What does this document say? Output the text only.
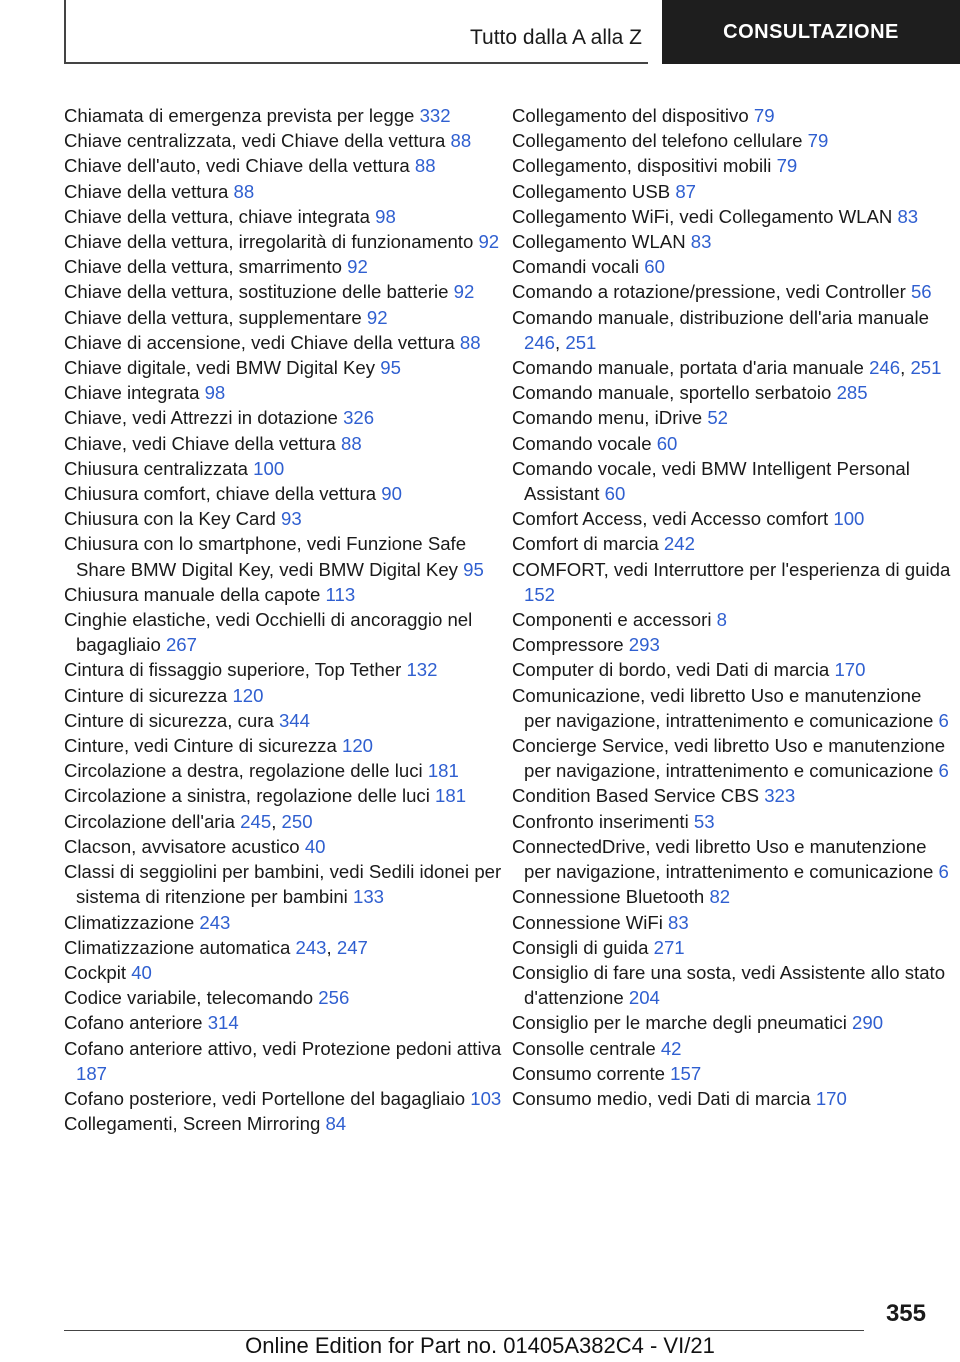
Tutto dalla A alla Z	CONSULTAZIONE

Chiamata di emergenza prevista per legge 332

Chiave centralizzata, vedi Chiave della vettura 88

Chiave dell'auto, vedi Chiave della vettura 88

Chiave della vettura 88

Chiave della vettura, chiave integrata 98

Chiave della vettura, irregolarità di funzionamento 92

Chiave della vettura, smarrimento 92

Chiave della vettura, sostituzione delle batterie 92

Chiave della vettura, supplementare 92

Chiave di accensione, vedi Chiave della vettura 88

Chiave digitale, vedi BMW Digital Key 95

Chiave integrata 98

Chiave, vedi Attrezzi in dotazione 326

Chiave, vedi Chiave della vettura 88

Chiusura centralizzata 100

Chiusura comfort, chiave della vettura 90

Chiusura con la Key Card 93

Chiusura con lo smartphone, vedi Funzione Safe Share BMW Digital Key, vedi BMW Digital Key 95

Chiusura manuale della capote 113

Cinghie elastiche, vedi Occhielli di ancoraggio nel bagagliaio 267

Cintura di fissaggio superiore, Top Tether 132

Cinture di sicurezza 120

Cinture di sicurezza, cura 344

Cinture, vedi Cinture di sicurezza 120

Circolazione a destra, regolazione delle luci 181

Circolazione a sinistra, regolazione delle luci 181

Circolazione dell'aria 245, 250

Clacson, avvisatore acustico 40

Classi di seggiolini per bambini, vedi Sedili idonei per sistema di ritenzione per bambini 133

Climatizzazione 243

Climatizzazione automatica 243, 247

Cockpit 40

Codice variabile, telecomando 256

Cofano anteriore 314

Cofano anteriore attivo, vedi Protezione pedoni attiva 187

Cofano posteriore, vedi Portellone del bagagliaio 103

Collegamenti, Screen Mirroring 84

Collegamento del dispositivo 79

Collegamento del telefono cellulare 79

Collegamento, dispositivi mobili 79

Collegamento USB 87

Collegamento WiFi, vedi Collegamento WLAN 83

Collegamento WLAN 83

Comandi vocali 60

Comando a rotazione/pressione, vedi Controller 56

Comando manuale, distribuzione dell'aria manuale 246, 251

Comando manuale, portata d'aria manuale 246, 251

Comando manuale, sportello serbatoio 285

Comando menu, iDrive 52

Comando vocale 60

Comando vocale, vedi BMW Intelligent Personal Assistant 60

Comfort Access, vedi Accesso comfort 100

Comfort di marcia 242

COMFORT, vedi Interruttore per l'esperienza di guida 152

Componenti e accessori 8

Compressore 293

Computer di bordo, vedi Dati di marcia 170

Comunicazione, vedi libretto Uso e manutenzione per navigazione, intrattenimento e comunicazione 6

Concierge Service, vedi libretto Uso e manutenzione per navigazione, intrattenimento e comunicazione 6

Condition Based Service CBS 323

Confronto inserimenti 53

ConnectedDrive, vedi libretto Uso e manutenzione per navigazione, intrattenimento e comunicazione 6

Connessione Bluetooth 82

Connessione WiFi 83

Consigli di guida 271

Consiglio di fare una sosta, vedi Assistente allo stato d'attenzione 204

Consiglio per le marche degli pneumatici 290

Consolle centrale 42

Consumo corrente 157

Consumo medio, vedi Dati di marcia 170

355
Online Edition for Part no. 01405A382C4 - VI/21
